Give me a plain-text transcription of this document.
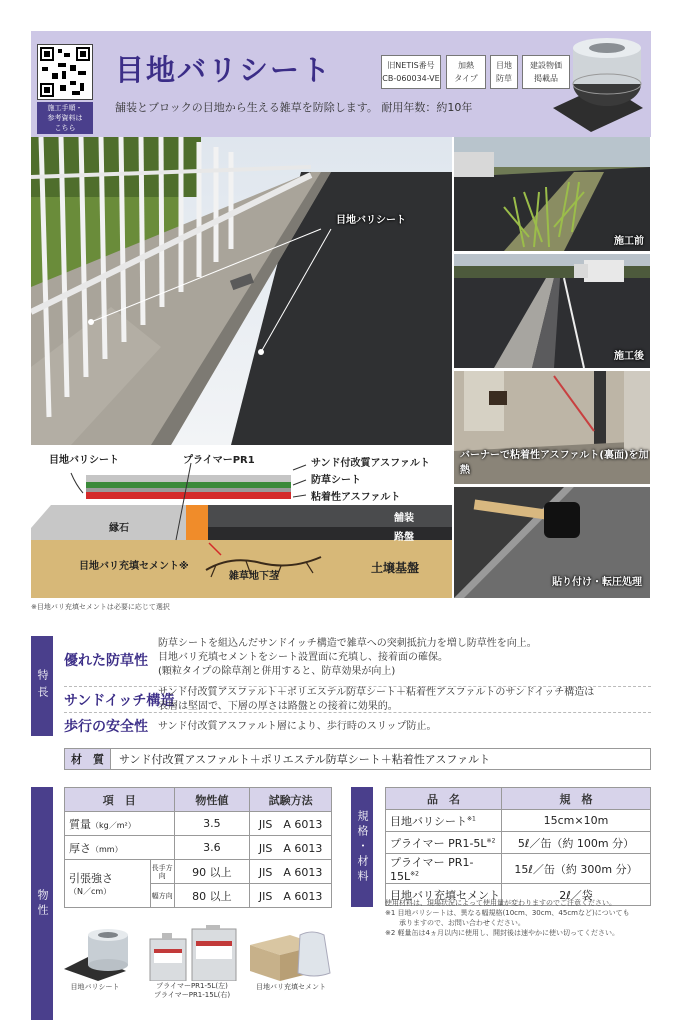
施工手順・
参考資料は
こちら
目地バリシート
舗装とブロックの目地から生える雑草を防除します。 耐用年数：約10年
旧NETIS番号
CB-060034-VE
加熱
タイプ
目地
防草
建設物価
掲載品
目地バリシート
施工前
施工後
バーナーで粘着性アスファルト(裏面)を加熱
貼り付け・転圧処理
目地バリシート	プライマーPR1	サンド付改質アスファルト
防草シート
粘着性アスファルト
縁石
舗装
路盤
目地バリ充填セメント※
雑草地下茎
土壌基盤
※目地バリ充填セメントは必要に応じて選択
特長
優れた防草性
防草シートを組込んだサンドイッチ構造で雑草への突刺抵抗力を増し防草性を向上。
目地バリ充填セメントをシート設置面に充填し、接着面の確保。
(顆粒タイプの除草剤と併用すると、防草効果が向上)
サンドイッチ構造
サンド付改質アスファルト＋ポリエステル防草シート＋粘着性アスファルトのサンドイッチ構造は
表層は堅固で、下層の厚さは路盤との接着に効果的。
歩行の安全性 サンド付改質アスファルト層により、歩行時のスリップ防止。
材　質	サンド付改質アスファルト＋ポリエステル防草シート＋粘着性アスファルト
物性
項　目		物性値	試験方法
質量（kg／m²）		3.5	JIS　A 6013
厚さ（mm）		3.6	JIS　A 6013

引張強さ
（N／cm）	長手方向	90 以上	JIS　A 6013
	幅方向	80 以上	JIS　A 6013
規格・材料
品　名	規　格
目地バリシート$^{※1}$	15cm×10m
プライマー $PR1-5L^{※2}$	5ℓ／缶（約 100m 分）
プライマー $PR1-15L^{※2}$	15ℓ／缶（約 300m 分）
目地バリ充填セメント	2ℓ／袋
使用材料は、現場状況によって使用量が変わりますのでご注意ください。
※1 目地バリシートは、異なる幅規格(10cm、30cm、45cmなど)についても
　　承りますので、お問い合わせください。
※2 軽量缶は4ヵ月以内に使用し、開封後は速やかに使い切ってください。
目地バリシート	プライマーPR1-5L(左)
プライマーPR1-15L(右)
目地バリ充填セメント
